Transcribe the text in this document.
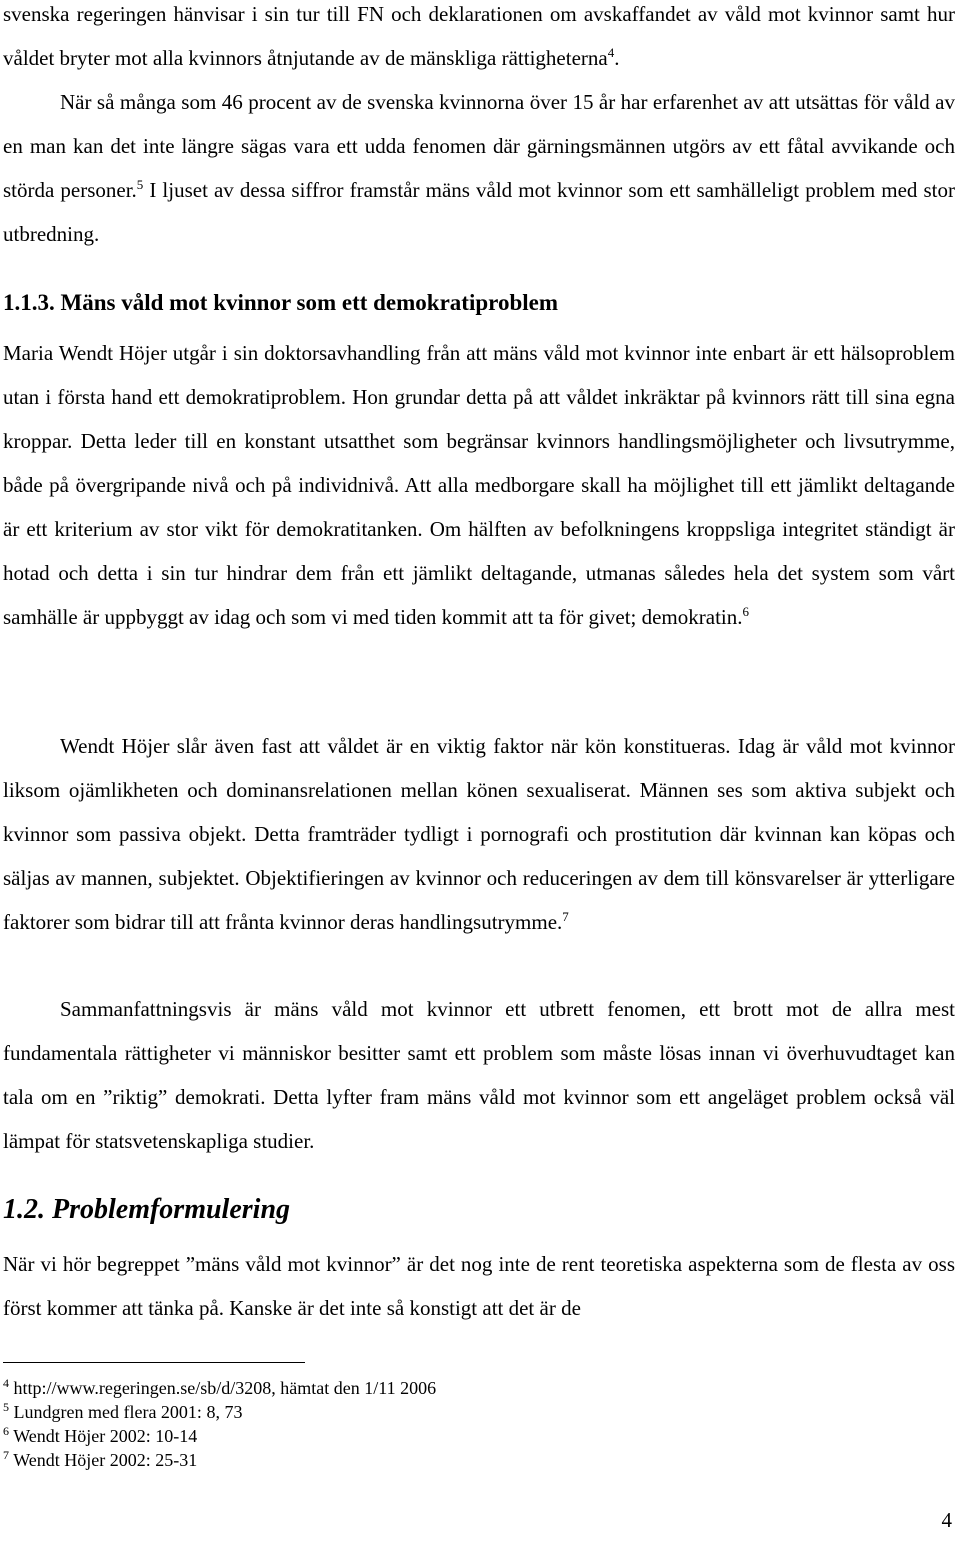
svenska regeringen hänvisar i sin tur till FN och deklarationen om avskaffandet av våld mot kvinnor samt hur våldet bryter mot alla kvinnors åtnjutande av de mänskliga rättigheterna$^4$.

När så många som 46 procent av de svenska kvinnorna över 15 år har erfarenhet av att utsättas för våld av en man kan det inte längre sägas vara ett udda fenomen där gärningsmännen utgörs av ett fåtal avvikande och störda personer.$^5$ I ljuset av dessa siffror framstår mäns våld mot kvinnor som ett samhälleligt problem med stor utbredning.

1.1.3. Mäns våld mot kvinnor som ett demokratiproblem

Maria Wendt Höjer utgår i sin doktorsavhandling från att mäns våld mot kvinnor inte enbart är ett hälsoproblem utan i första hand ett demokratiproblem. Hon grundar detta på att våldet inkräktar på kvinnors rätt till sina egna kroppar. Detta leder till en konstant utsatthet som begränsar kvinnors handlingsmöjligheter och livsutrymme, både på övergripande nivå och på individnivå. Att alla medborgare skall ha möjlighet till ett jämlikt deltagande är ett kriterium av stor vikt för demokratitanken. Om hälften av befolkningens kroppsliga integritet ständigt är hotad och detta i sin tur hindrar dem från ett jämlikt deltagande, utmanas således hela det system som vårt samhälle är uppbyggt av idag och som vi med tiden kommit att ta för givet; demokratin.$^6$

Wendt Höjer slår även fast att våldet är en viktig faktor när kön konstitueras. Idag är våld mot kvinnor liksom ojämlikheten och dominansrelationen mellan könen sexualiserat. Männen ses som aktiva subjekt och kvinnor som passiva objekt. Detta framträder tydligt i pornografi och prostitution där kvinnan kan köpas och säljas av mannen, subjektet. Objektifieringen av kvinnor och reduceringen av dem till könsvarelser är ytterligare faktorer som bidrar till att frånta kvinnor deras handlingsutrymme.$^7$

Sammanfattningsvis är mäns våld mot kvinnor ett utbrett fenomen, ett brott mot de allra mest fundamentala rättigheter vi människor besitter samt ett problem som måste lösas innan vi överhuvudtaget kan tala om en ”riktig” demokrati. Detta lyfter fram mäns våld mot kvinnor som ett angeläget problem också väl lämpat för statsvetenskapliga studier.

1.2. Problemformulering

När vi hör begreppet ”mäns våld mot kvinnor” är det nog inte de rent teoretiska aspekterna som de flesta av oss först kommer att tänka på. Kanske är det inte så konstigt att det är de

$^4$ http://www.regeringen.se/sb/d/3208, hämtat den 1/11 2006
$^5$ Lundgren med flera 2001: 8, 73
$^6$ Wendt Höjer 2002: 10-14
$^7$ Wendt Höjer 2002: 25-31
4
